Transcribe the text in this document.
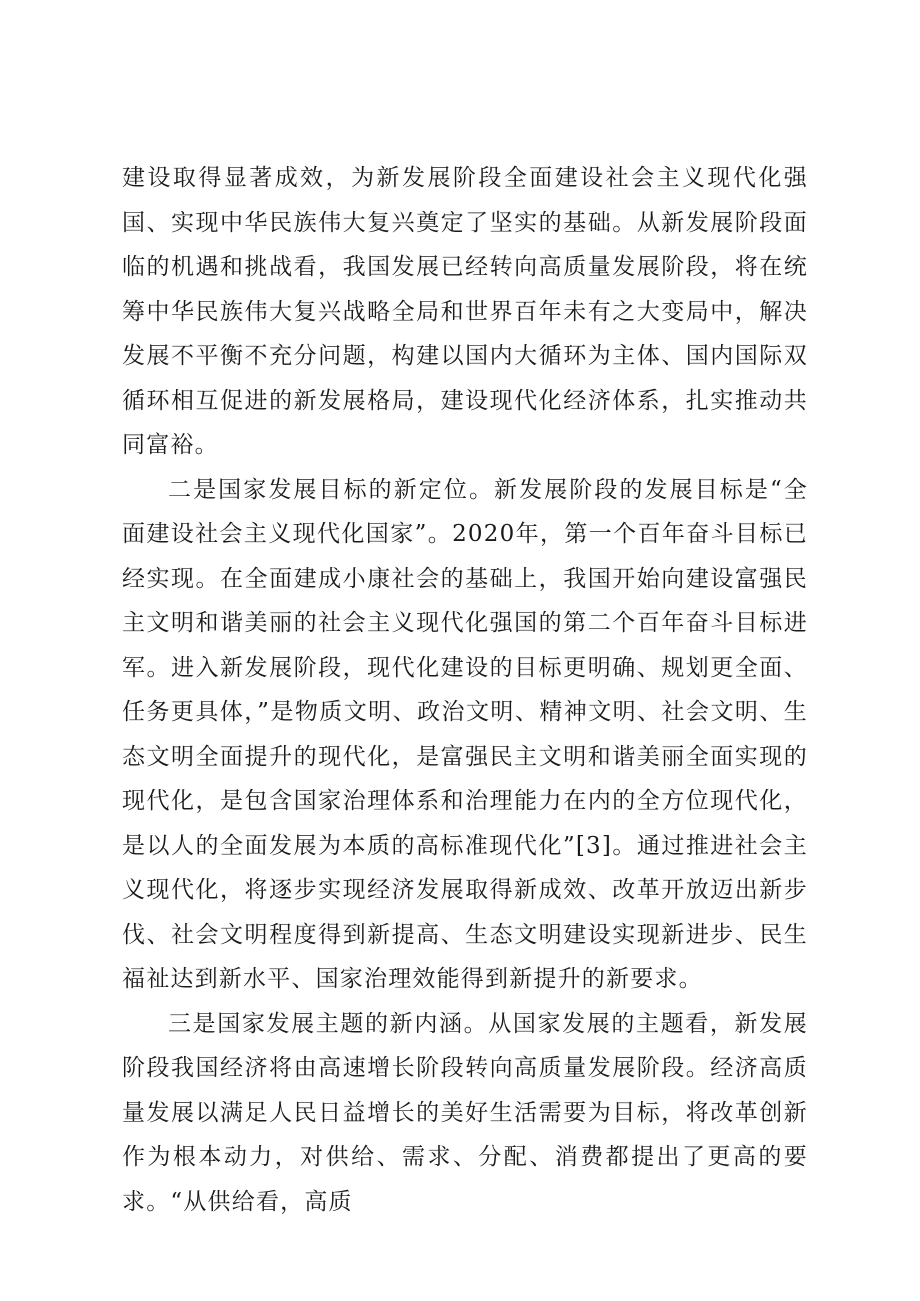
建设取得显著成效，为新发展阶段全面建设社会主义现代化强国、实现中华民族伟大复兴奠定了坚实的基础。从新发展阶段面临的机遇和挑战看，我国发展已经转向高质量发展阶段，将在统筹中华民族伟大复兴战略全局和世界百年未有之大变局中，解决发展不平衡不充分问题，构建以国内大循环为主体、国内国际双循环相互促进的新发展格局，建设现代化经济体系，扎实推动共同富裕。

二是国家发展目标的新定位。新发展阶段的发展目标是“全面建设社会主义现代化国家”。2020年，第一个百年奋斗目标已经实现。在全面建成小康社会的基础上，我国开始向建设富强民主文明和谐美丽的社会主义现代化强国的第二个百年奋斗目标进军。进入新发展阶段，现代化建设的目标更明确、规划更全面、任务更具体，”是物质文明、政治文明、精神文明、社会文明、生态文明全面提升的现代化，是富强民主文明和谐美丽全面实现的现代化，是包含国家治理体系和治理能力在内的全方位现代化，是以人的全面发展为本质的高标准现代化”[3]。通过推进社会主义现代化，将逐步实现经济发展取得新成效、改革开放迈出新步伐、社会文明程度得到新提高、生态文明建设实现新进步、民生福祉达到新水平、国家治理效能得到新提升的新要求。

三是国家发展主题的新内涵。从国家发展的主题看，新发展阶段我国经济将由高速增长阶段转向高质量发展阶段。经济高质量发展以满足人民日益增长的美好生活需要为目标，将改革创新作为根本动力，对供给、需求、分配、消费都提出了更高的要求。“从供给看，高质
